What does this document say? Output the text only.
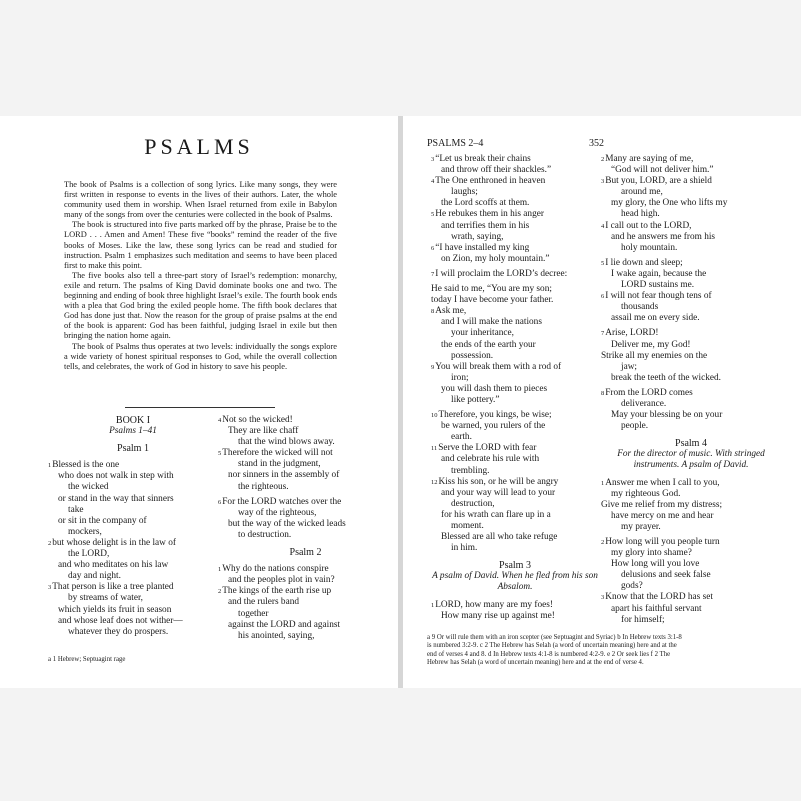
PSALMS

The book of Psalms is a collection of song lyrics. Like many songs, they were first written in response to events in the lives of their authors. Later, the whole community used them in worship. When Israel returned from exile in Babylon many of the songs from over the centuries were collected in the book of Psalms.

The book is structured into five parts marked off by the phrase, Praise be to the LORD . . . Amen and Amen! These five “books” remind the reader of the five books of Moses. Like the law, these song lyrics can be read and studied for instruction. Psalm 1 emphasizes such meditation and seems to have been placed first to make this point.

The five books also tell a three-part story of Israel’s redemption: monarchy, exile and return. The psalms of King David dominate books one and two. The beginning and ending of book three highlight Israel’s exile. The fourth book ends with a plea that God bring the exiled people home. The fifth book declares that God has done just that. Now the reason for the group of praise psalms at the end of the book is apparent: God has been faithful, judging Israel in exile but then bringing the nation home again.

The book of Psalms thus operates at two levels: individually the songs explore a wide variety of honest spiritual responses to God, while the overall collection tells, and celebrates, the work of God in history to save his people.

BOOK I
Psalms 1–41
Psalm 1
$^1$Blessed is the one
who does not walk in step with
the wicked
or stand in the way that sinners
take
or sit in the company of
mockers,
$^2$but whose delight is in the law of
the LORD,
and who meditates on his law
day and night.
$^3$That person is like a tree planted
by streams of water,
which yields its fruit in season
and whose leaf does not wither—
whatever they do prospers.
$^4$Not so the wicked!
They are like chaff
that the wind blows away.
$^5$Therefore the wicked will not
stand in the judgment,
nor sinners in the assembly of
the righteous.
$^6$For the LORD watches over the
way of the righteous,
but the way of the wicked leads
to destruction.
Psalm 2
$^1$Why do the nations conspire
and the peoples plot in vain?
$^2$The kings of the earth rise up
and the rulers band
together
against the LORD and against
his anointed, saying,
a 1 Hebrew; Septuagint rage
PSALMS 2–4	352
$^3$“Let us break their chains
and throw off their shackles.”
$^4$The One enthroned in heaven
laughs;
the Lord scoffs at them.
$^5$He rebukes them in his anger
and terrifies them in his
wrath, saying,
$^6$“I have installed my king
on Zion, my holy mountain.”
$^7$I will proclaim the LORD’s decree:
He said to me, “You are my son;
today I have become your father.
$^8$Ask me,
and I will make the nations
your inheritance,
the ends of the earth your
possession.
$^9$You will break them with a rod of
iron;
you will dash them to pieces
like pottery.”
$^{10}$Therefore, you kings, be wise;
be warned, you rulers of the
earth.
$^{11}$Serve the LORD with fear
and celebrate his rule with
trembling.
$^{12}$Kiss his son, or he will be angry
and your way will lead to your
destruction,
for his wrath can flare up in a
moment.
Blessed are all who take refuge
in him.
Psalm 3
A psalm of David. When he fled from his son Absalom.
$^1$LORD, how many are my foes!
How many rise up against me!
$^2$Many are saying of me,
“God will not deliver him.”
$^3$But you, LORD, are a shield
around me,
my glory, the One who lifts my
head high.
$^4$I call out to the LORD,
and he answers me from his
holy mountain.
$^5$I lie down and sleep;
I wake again, because the
LORD sustains me.
$^6$I will not fear though tens of
thousands
assail me on every side.
$^7$Arise, LORD!
Deliver me, my God!
Strike all my enemies on the
jaw;
break the teeth of the wicked.
$^8$From the LORD comes
deliverance.
May your blessing be on your
people.
Psalm 4
For the director of music. With stringed instruments. A psalm of David.
$^1$Answer me when I call to you,
my righteous God.
Give me relief from my distress;
have mercy on me and hear
my prayer.
$^2$How long will you people turn
my glory into shame?
How long will you love
delusions and seek false
gods?
$^3$Know that the LORD has set
apart his faithful servant
for himself;
a 9 Or will rule them with an iron scepter (see Septuagint and Syriac) b In Hebrew texts 3:1-8
is numbered 3:2-9. c 2 The Hebrew has Selah (a word of uncertain meaning) here and at the
end of verses 4 and 8. d In Hebrew texts 4:1-8 is numbered 4:2-9. e 2 Or seek lies f 2 The
Hebrew has Selah (a word of uncertain meaning) here and at the end of verse 4.
